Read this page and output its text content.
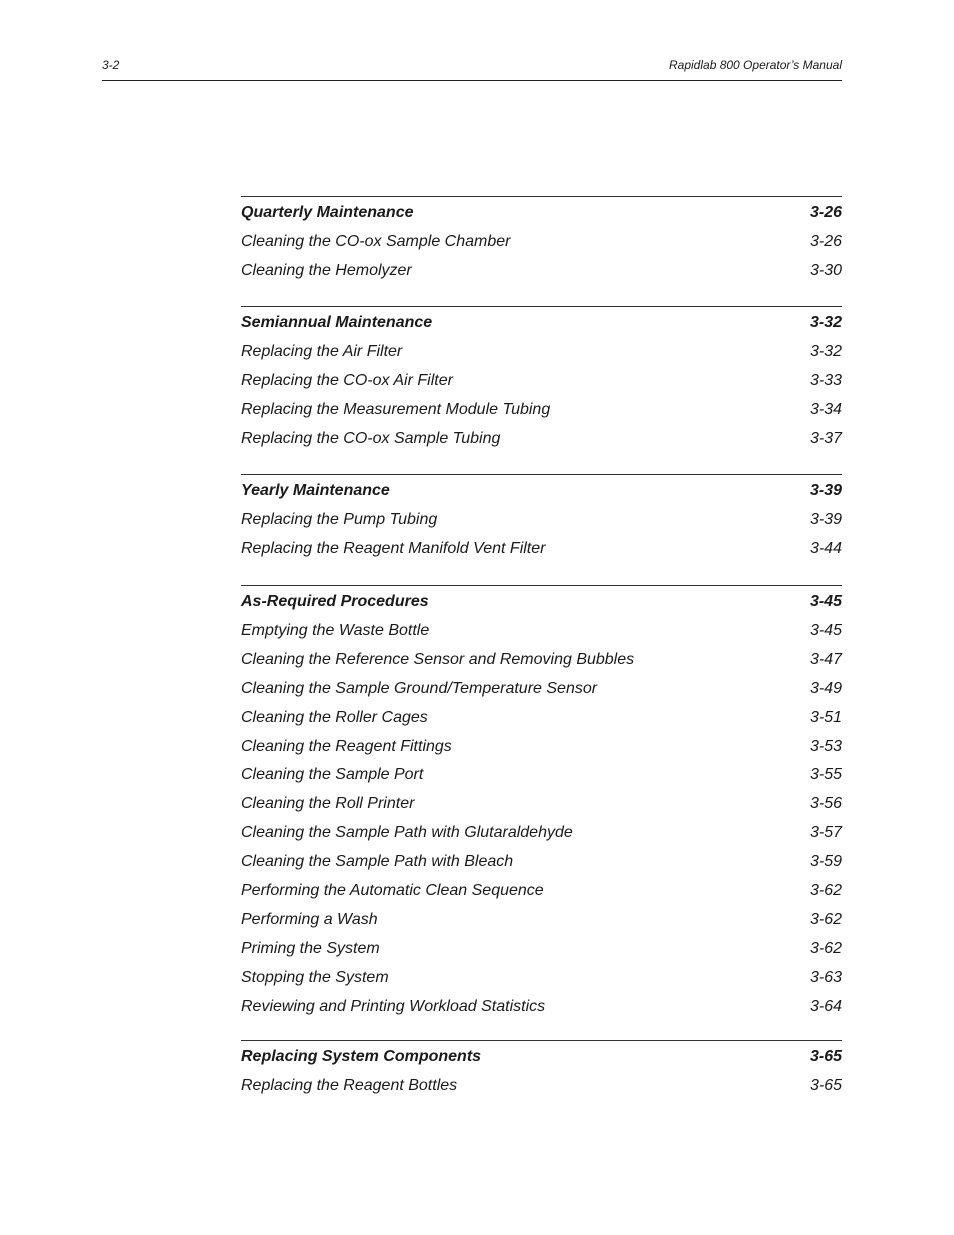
3-2	Rapidlab 800 Operator’s Manual
Quarterly Maintenance	3-26
Cleaning the CO-ox Sample Chamber	3-26
Cleaning the Hemolyzer	3-30
Semiannual Maintenance	3-32
Replacing the Air Filter	3-32
Replacing the CO-ox Air Filter	3-33
Replacing the Measurement Module Tubing	3-34
Replacing the CO-ox Sample Tubing	3-37
Yearly Maintenance	3-39
Replacing the Pump Tubing	3-39
Replacing the Reagent Manifold Vent Filter	3-44
As-Required Procedures	3-45
Emptying the Waste Bottle	3-45
Cleaning the Reference Sensor and Removing Bubbles	3-47
Cleaning the Sample Ground/Temperature Sensor	3-49
Cleaning the Roller Cages	3-51
Cleaning the Reagent Fittings	3-53
Cleaning the Sample Port	3-55
Cleaning the Roll Printer	3-56
Cleaning the Sample Path with Glutaraldehyde	3-57
Cleaning the Sample Path with Bleach	3-59
Performing the Automatic Clean Sequence	3-62
Performing a Wash	3-62
Priming the System	3-62
Stopping the System	3-63
Reviewing and Printing Workload Statistics	3-64
Replacing System Components	3-65
Replacing the Reagent Bottles	3-65
